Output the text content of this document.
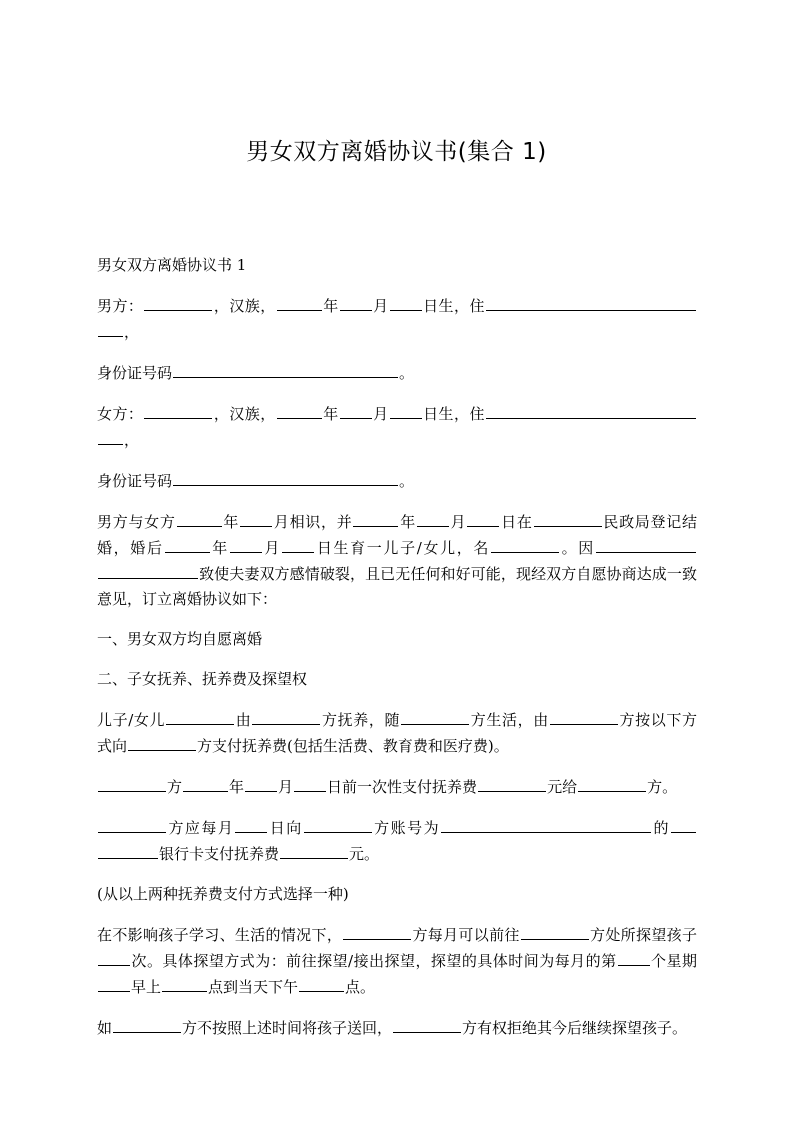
男女双方离婚协议书(集合 1)

男女双方离婚协议书 1

男方：	，汉族，	年 月 日生，住，

身份证号码	。

女方：	，汉族，	年 月 日生，住，

身份证号码	。

男方与女方	年 月相识，并	年 月 日在	民政局登记结婚，婚后	年 月 日生育一儿子/女儿，名	。因致使夫妻双方感情破裂，且已无任何和好可能，现经双方自愿协商达成一致意见，订立离婚协议如下：

一、男女双方均自愿离婚

二、子女抚养、抚养费及探望权

儿子/女儿	由	方抚养，随	方生活，由	方按以下方式向	方支付抚养费(包括生活费、教育费和医疗费)。

方	年 月 日前一次性支付抚养费	元给	方。

方应每月 日向	方账号为	的银行卡支付抚养费	元。

(从以上两种抚养费支付方式选择一种)

在不影响孩子学习、生活的情况下，	方每月可以前往	方处所探望孩子次。具体探望方式为：前往探望/接出探望，探望的具体时间为每月的第 个星期早上	点到当天下午	点。

如	方不按照上述时间将孩子送回，	方有权拒绝其今后继续探望孩子。
